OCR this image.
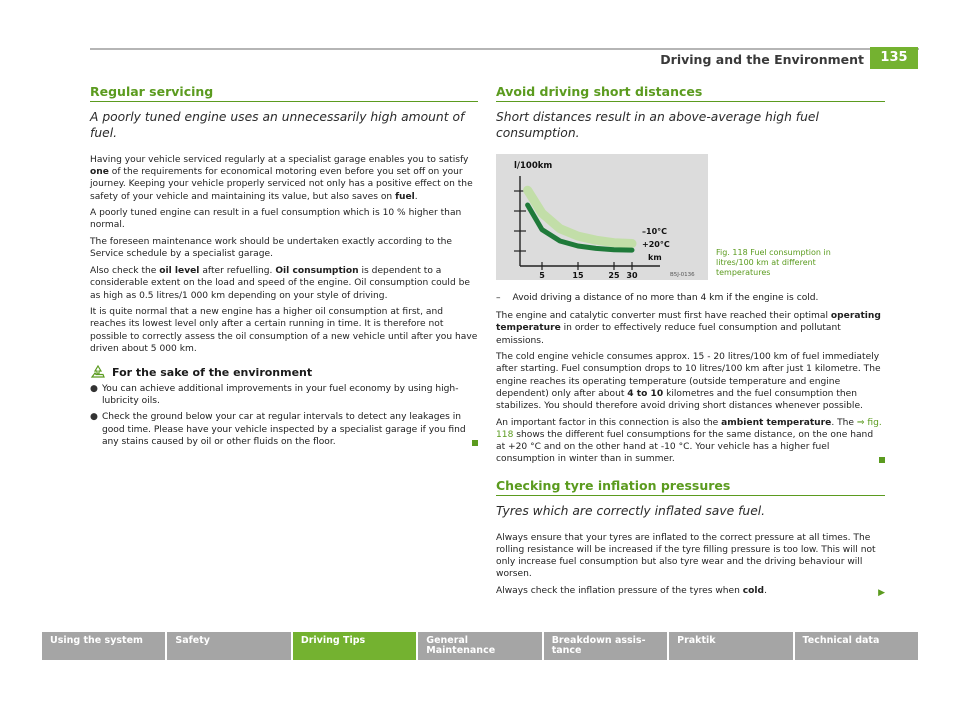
Driving and the Environment	135
Regular servicing
A poorly tuned engine uses an unnecessarily high amount of fuel.

Having your vehicle serviced regularly at a specialist garage enables you to satisfy one of the requirements for economical motoring even before you set off on your journey. Keeping your vehicle properly serviced not only has a positive effect on the safety of your vehicle and maintaining its value, but also saves on fuel.

A poorly tuned engine can result in a fuel consumption which is 10 % higher than normal.

The foreseen maintenance work should be undertaken exactly according to the Service schedule by a specialist garage.

Also check the oil level after refuelling. Oil consumption is dependent to a considerable extent on the load and speed of the engine. Oil consumption could be as high as 0.5 litres/1 000 km depending on your style of driving.

It is quite normal that a new engine has a higher oil consumption at first, and reaches its lowest level only after a certain running in time. It is therefore not possible to correctly assess the oil consumption of a new vehicle until after you have driven about 5 000 km.

For the sake of the environment
● You can achieve additional improvements in your fuel economy by using high-lubricity oils.
● Check the ground below your car at regular intervals to detect any leakages in good time. Please have your vehicle inspected by a specialist garage if you find any stains caused by oil or other fluids on the floor.
Avoid driving short distances
Short distances result in an above-average high fuel consumption.
l/100km
5	15	25 30
–10°C
+20°C
km
B5J-0136
Fig. 118 Fuel consumption in litres/100 km at different temperatures
– Avoid driving a distance of no more than 4 km if the engine is cold.

The engine and catalytic converter must first have reached their optimal operating temperature in order to effectively reduce fuel consumption and pollutant emissions.

The cold engine vehicle consumes approx. 15 - 20 litres/100 km of fuel immediately after starting. Fuel consumption drops to 10 litres/100 km after just 1 kilometre. The engine reaches its operating temperature (outside temperature and engine dependent) only after about 4 to 10 kilometres and the fuel consumption then stabilizes. You should therefore avoid driving short distances whenever possible.

An important factor in this connection is also the ambient temperature. The ⇒ fig. 118 shows the different fuel consumptions for the same distance, on the one hand at +20 °C and on the other hand at -10 °C. Your vehicle has a higher fuel consumption in winter than in summer.

Checking tyre inflation pressures
Tyres which are correctly inflated save fuel.

Always ensure that your tyres are inflated to the correct pressure at all times. The rolling resistance will be increased if the tyre filling pressure is too low. This will not only increase fuel consumption but also tyre wear and the driving behaviour will worsen.

Always check the inflation pressure of the tyres when cold.	▶

Using the system	Safety	Driving Tips	General Maintenance
Breakdown assis-tance
Praktik	Technical data
